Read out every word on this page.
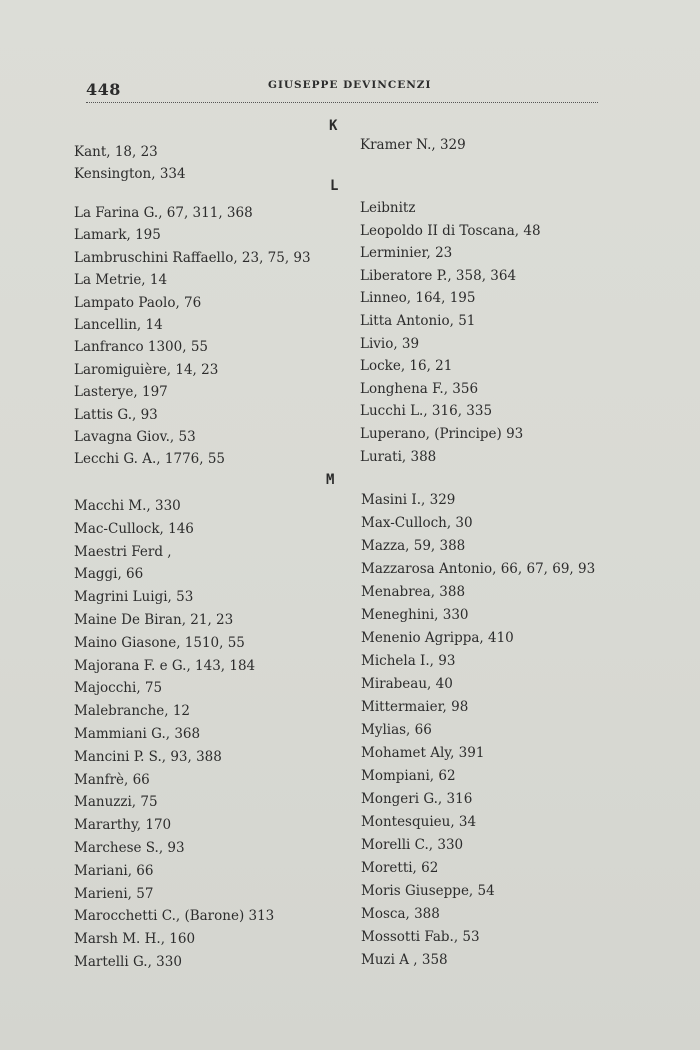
448	GIUSEPPE DEVINCENZI
K
L
M
Kant, 18, 23
Kensington, 334
La Farina G., 67, 311, 368
Lamark, 195
Lambruschini Raffaello, 23, 75, 93
La Metrie, 14
Lampato Paolo, 76
Lancellin, 14
Lanfranco 1300, 55
Laromiguière, 14, 23
Lasterye, 197
Lattis G., 93
Lavagna Giov., 53
Lecchi G. A., 1776, 55
Macchi M., 330
Mac-Cullock, 146
Maestri Ferd ,
Maggi, 66
Magrini Luigi, 53
Maine De Biran, 21, 23
Maino Giasone, 1510, 55
Majorana F. e G., 143, 184
Majocchi, 75
Malebranche, 12
Mammiani G., 368
Mancini P. S., 93, 388
Manfrè, 66
Manuzzi, 75
Mararthy, 170
Marchese S., 93
Mariani, 66
Marieni, 57
Marocchetti C., (Barone) 313
Marsh M. H., 160
Martelli G., 330
Kramer N., 329
Leibnitz
Leopoldo II di Toscana, 48
Lerminier, 23
Liberatore P., 358, 364
Linneo, 164, 195
Litta Antonio, 51
Livio, 39
Locke, 16, 21
Longhena F., 356
Lucchi L., 316, 335
Luperano, (Principe) 93
Lurati, 388
Masini I., 329
Max-Culloch, 30
Mazza, 59, 388
Mazzarosa Antonio, 66, 67, 69, 93
Menabrea, 388
Meneghini, 330
Menenio Agrippa, 410
Michela I., 93
Mirabeau, 40
Mittermaier, 98
Mylias, 66
Mohamet Aly, 391
Mompiani, 62
Mongeri G., 316
Montesquieu, 34
Morelli C., 330
Moretti, 62
Moris Giuseppe, 54
Mosca, 388
Mossotti Fab., 53
Muzi A , 358
